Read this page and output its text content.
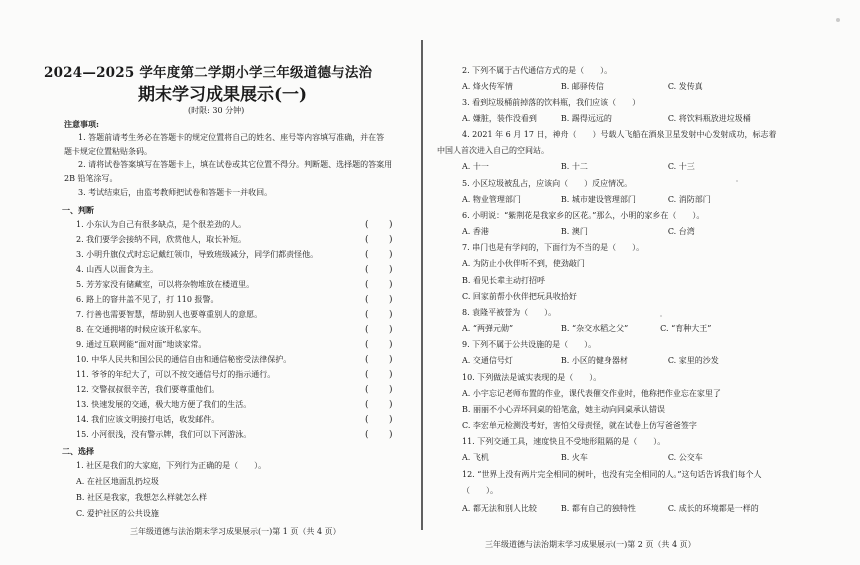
2024—2025 学年度第二学期小学三年级道德与法治
期末学习成果展示(一)
(时限: 30 分钟)
注意事项:
1. 答题前请考生务必在答题卡的规定位置将自己的姓名、座号等内容填写准确，并在答
题卡规定位置粘贴条码。
2. 请将试卷答案填写在答题卡上，填在试卷或其它位置不得分。判断题、选择题的答案用
2B 铅笔涂写。
3. 考试结束后，由监考教师把试卷和答题卡一并收回。
一、判断
1. 小东认为自己有很多缺点，是个很差劲的人。
2. 我们要学会接纳不同，欣赏他人，取长补短。
3. 小明升旗仪式时忘记戴红领巾，导致班级减分，同学们都责怪他。
4. 山西人以面食为主。
5. 芳芳家没有储藏室，可以将杂物堆放在楼道里。
6. 路上的窨井盖不见了，打 110 报警。
7. 行善也需要智慧，帮助别人也要尊重别人的意愿。
8. 在交通拥堵的时候应该开私家车。
9. 通过互联网能“面对面”地谈家常。
10. 中华人民共和国公民的通信自由和通信秘密受法律保护。
11. 爷爷的年纪大了，可以不按交通信号灯的指示通行。
12. 交警叔叔很辛苦，我们要尊重他们。
13. 快速发展的交通，极大地方便了我们的生活。
14. 我们应该文明接打电话，收发邮件。
15. 小河很浅，没有警示牌，我们可以下河游泳。
( )
( )
( )
( )
( )
( )
( )
( )
( )
( )
( )
( )
( )
( )
( )
二、选择
1. 社区是我们的大家庭，下列行为正确的是（　　）。
A. 在社区地面乱扔垃圾
B. 社区是我家，我想怎么样就怎么样
C. 爱护社区的公共设施
三年级道德与法治期末学习成果展示(一)第 1 页（共 4 页）
2. 下列不属于古代通信方式的是（　　）。
A. 烽火传军情　　　　　　B. 邮驿传信　　　　　　　　C. 发传真
3. 看到垃圾桶前掉落的饮料瓶，我们应该（　　）
A. 嫌脏，装作没看到　　　B. 踢得远远的　　　　　　　C. 将饮料瓶放进垃圾桶
4. 2021 年 6 月 17 日，神舟（　　）号载人飞船在酒泉卫星发射中心发射成功，标志着
中国人首次进入自己的空间站。
A. 十一　　　　　　　　　B. 十二　　　　　　　　　　C. 十三
5. 小区垃圾被乱占，应该向（　　）反应情况。
A. 物业管理部门　　　　　B. 城市建设管理部门　　　　C. 消防部门
6. 小明说：“紫荆花是我家乡的区花。”那么，小明的家乡在（　　）。
A. 香港　　　　　　　　　B. 澳门　　　　　　　　　　C. 台湾
7. 串门也是有学问的，下面行为不当的是（　　）。
A. 为防止小伙伴听不到，使劲敲门
B. 看见长辈主动打招呼
C. 回家前帮小伙伴把玩具收拾好
8. 袁隆平被誉为（　　）。
A. “两弹元勋”　　　　　　B. “杂交水稻之父”　　　　C. “育种大王”
9. 下列不属于公共设施的是（　　）。
A. 交通信号灯　　　　　　B. 小区的健身器材　　　　　C. 家里的沙发
10. 下列做法是诚实表现的是（　　）。
A. 小宇忘记老师布置的作业，课代表催交作业时，他称把作业忘在家里了
B. 丽丽不小心弄坏同桌的铅笔盒，她主动向同桌承认错误
C. 李宏单元检测没考好，害怕父母责怪，就在试卷上仿写爸爸签字
11. 下列交通工具，速度快且不受地形阻隔的是（　　）。
A. 飞机　　　　　　　　　B. 火车　　　　　　　　　　C. 公交车
12. “世界上没有两片完全相同的树叶，也没有完全相同的人。”这句话告诉我们每个人
（　　）。
A. 都无法和别人比较　　　B. 都有自己的独特性　　　　C. 成长的环境都是一样的
三年级道德与法治期末学习成果展示(一)第 2 页（共 4 页）
